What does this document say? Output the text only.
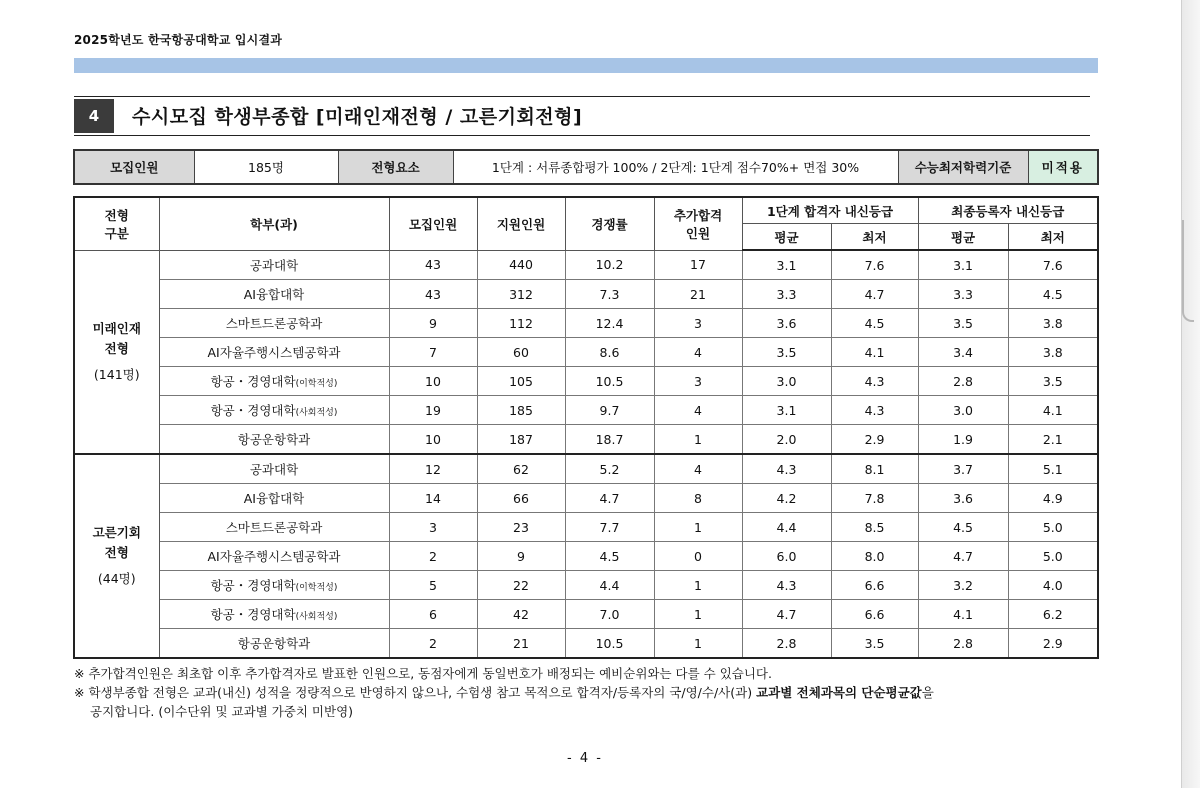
2025학년도 한국항공대학교 입시결과
4	수시모집 학생부종합 [미래인재전형 / 고른기회전형]
모집인원	185명	전형요소	1단계 : 서류종합평가 100% / 2단계: 1단계 점수70%+ 면접 30%	수능최저학력기준	미적용
전형
구분	학부(과)	모집인원	지원인원	경쟁률	추가합격
인원	1단계 합격자 내신등급		최종등록자 내신등급	
						평균	최저	평균	최저
미래인재
전형
(141명)	공과대학	43	440	10.2	17	3.1	7.6	3.1	7.6
	AI융합대학	43	312	7.3	21	3.3	4.7	3.3	4.5
	스마트드론공학과	9	112	12.4	3	3.6	4.5	3.5	3.8
	AI자율주행시스템공학과	7	60	8.6	4	3.5	4.1	3.4	3.8
	항공・경영대학(이학적성)	10	105	10.5	3	3.0	4.3	2.8	3.5
	항공・경영대학(사회적성)	19	185	9.7	4	3.1	4.3	3.0	4.1
	항공운항학과	10	187	18.7	1	2.0	2.9	1.9	2.1
고른기회
전형
(44명)	공과대학	12	62	5.2	4	4.3	8.1	3.7	5.1
	AI융합대학	14	66	4.7	8	4.2	7.8	3.6	4.9
	스마트드론공학과	3	23	7.7	1	4.4	8.5	4.5	5.0
	AI자율주행시스템공학과	2	9	4.5	0	6.0	8.0	4.7	5.0
	항공・경영대학(이학적성)	5	22	4.4	1	4.3	6.6	3.2	4.0
	항공・경영대학(사회적성)	6	42	7.0	1	4.7	6.6	4.1	6.2
	항공운항학과	2	21	10.5	1	2.8	3.5	2.8	2.9
※ 추가합격인원은 최초합 이후 추가합격자로 발표한 인원으로, 동점자에게 동일번호가 배정되는 예비순위와는 다를 수 있습니다.
※ 학생부종합 전형은 교과(내신) 성적을 정량적으로 반영하지 않으나, 수험생 참고 목적으로 합격자/등록자의 국/영/수/사(과) 교과별 전체과목의 단순평균값을
공지합니다. (이수단위 및 교과별 가중치 미반영)
- 4 -
